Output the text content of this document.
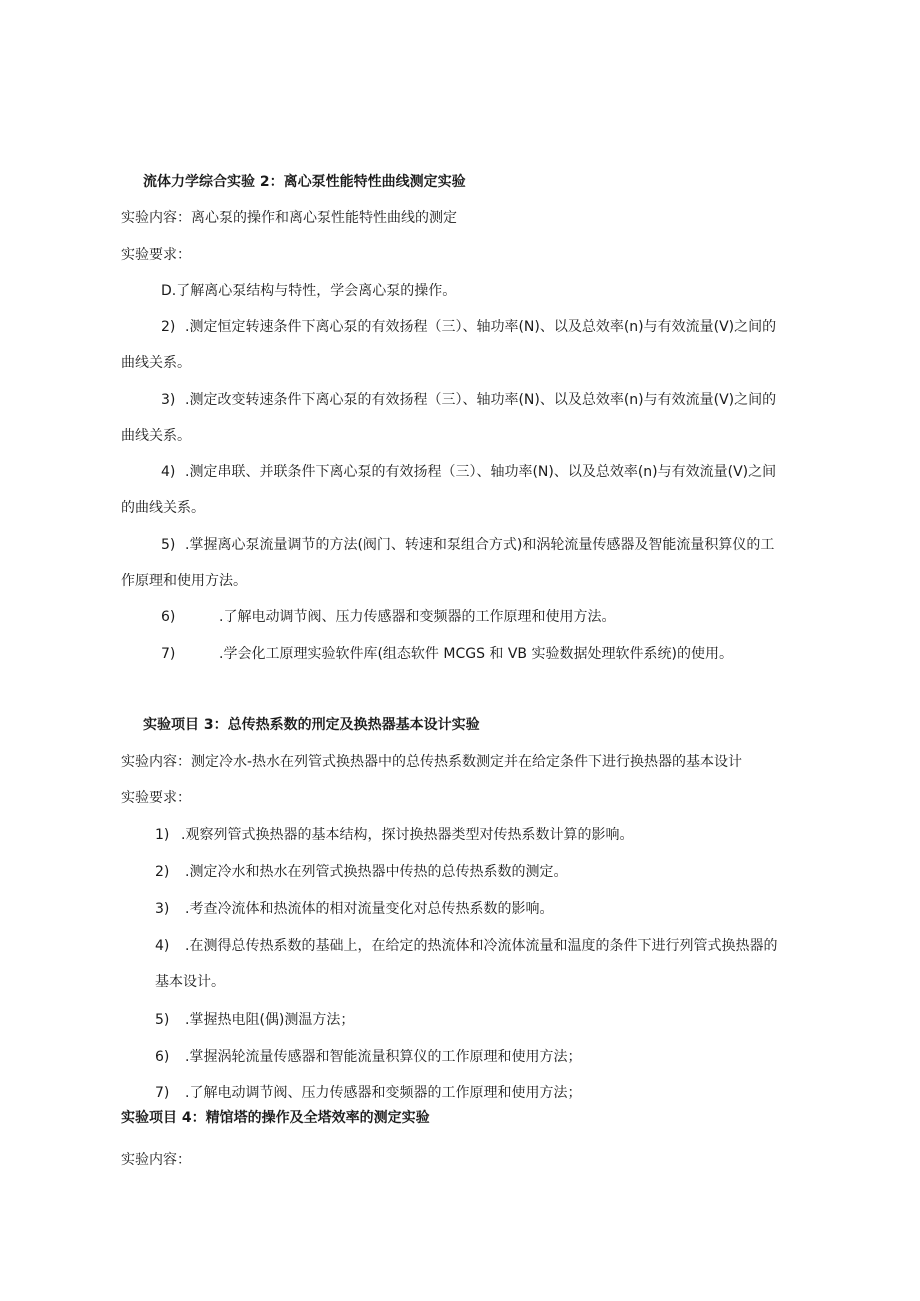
流体力学综合实验 2：离心泵性能特性曲线测定实验
实验内容：离心泵的操作和离心泵性能特性曲线的测定
实验要求：
D.了解离心泵结构与特性，学会离心泵的操作。
2) .测定恒定转速条件下离心泵的有效扬程（三）、轴功率(N)、以及总效率(n)与有效流量(V)之间的
曲线关系。
3) .测定改变转速条件下离心泵的有效扬程（三）、轴功率(N)、以及总效率(n)与有效流量(V)之间的
曲线关系。
4) .测定串联、并联条件下离心泵的有效扬程（三）、轴功率(N)、以及总效率(n)与有效流量(V)之间
的曲线关系。
5) .掌握离心泵流量调节的方法(阀门、转速和泵组合方式)和涡轮流量传感器及智能流量积算仪的工
作原理和使用方法。
6)	.了解电动调节阀、压力传感器和变频器的工作原理和使用方法。
7)	.学会化工原理实验软件库(组态软件 MCGS 和 VB 实验数据处理软件系统)的使用。
实验项目 3：总传热系数的刑定及换热器基本设计实验
实验内容：测定冷水-热水在列管式换热器中的总传热系数测定并在给定条件下进行换热器的基本设计
实验要求：
1) .观察列管式换热器的基本结构，探讨换热器类型对传热系数计算的影响。
2) .测定冷水和热水在列管式换热器中传热的总传热系数的测定。
3) .考查冷流体和热流体的相对流量变化对总传热系数的影响。
4) .在测得总传热系数的基础上，在给定的热流体和冷流体流量和温度的条件下进行列管式换热器的
基本设计。
5) .掌握热电阻(偶)测温方法；
6) .掌握涡轮流量传感器和智能流量积算仪的工作原理和使用方法；
7) .了解电动调节阀、压力传感器和变频器的工作原理和使用方法；
实验项目 4：精馆塔的操作及全塔效率的测定实验
实验内容：
